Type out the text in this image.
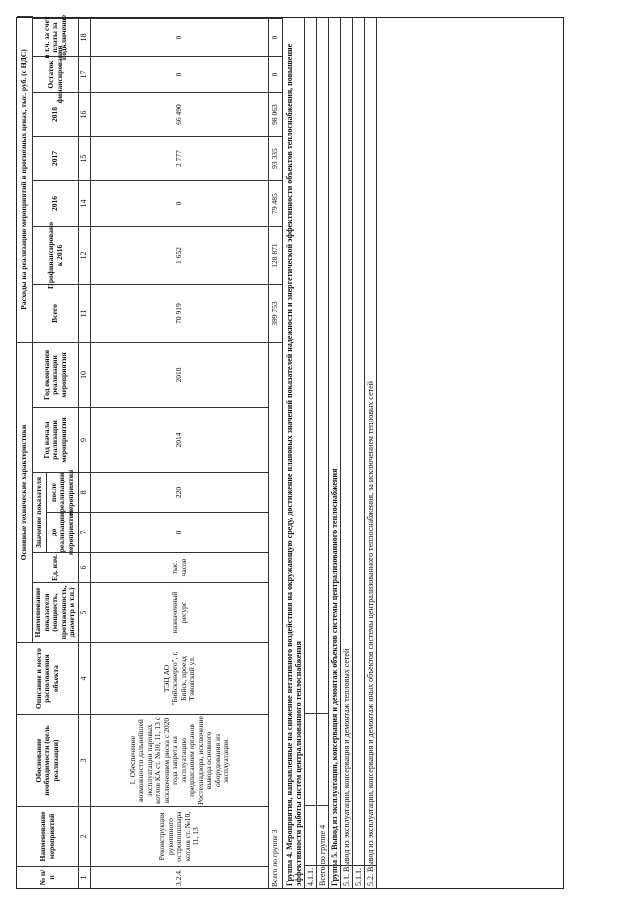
№ п/п
Наименование мероприятий
Обоснование необходимости (цель реализации)
Описание и место расположения объекта
Основные технические характеристики
Наименование показателя (мощность, протяженность, диаметр и т.п.)
Ед. изм.
Значение показателя до реализации мероприятия
после реализации мероприятия
Год начала реализации мероприятия
Год окончания реализации мероприятия
Расходы на реализацию мероприятий в прогнозных ценах, тыс. руб. (с НДС)
Всего
Профинансировано к 2016
2016
2017
2018
Остаток финансирования
в т.ч. за счет платы за подключение
1
2
3
4
5
6
7
8
9
10
11
12
14
15
16
17
18
3.2.4.
Реконструкция рукопиного остропопшпара котлов ст. №10, 11, 13
1. Обеспечение возможности дальнейшей эксплуатации паровых котлов КА ст. №10, 11, 13 с исключением риска с 2020 года запрета на эксплуатацию предписанием органов Ростехнадзора, исключение вывода основного оборудования из эксплуатации.
ТЭЦ АО "Бийскэнерго", г. Бийск, проезд Тэвовский ул.
назначенный ресурс
тыс. часов
0
220
2014
2018
70 919
1 652
0
2 777
66 490
0
0
Всего по группе 3
399 753
128 871
79 485
93 335
98 063
0
0
Группа 4. Мероприятия, направленные на снижение негативного воздействия на окружающую среду, достижение плановых значений показателей надежности и энергетической эффективности объектов теплоснабжения, повышение эффективности работы систем централизованного теплоснабжения 4.1.1. Всего по группе 4 Группа 5. Вывод из эксплуатации, консервация и демонтаж объектов системы централизованного теплоснабжения 5.1. Вывод из эксплуатации, консервация и демонтаж тепловых сетей 5.1.1. 5.2. Вывод из эксплуатации, консервация и демонтаж иных объектов системы централизованного теплоснабжения, за исключением тепловых сетей
